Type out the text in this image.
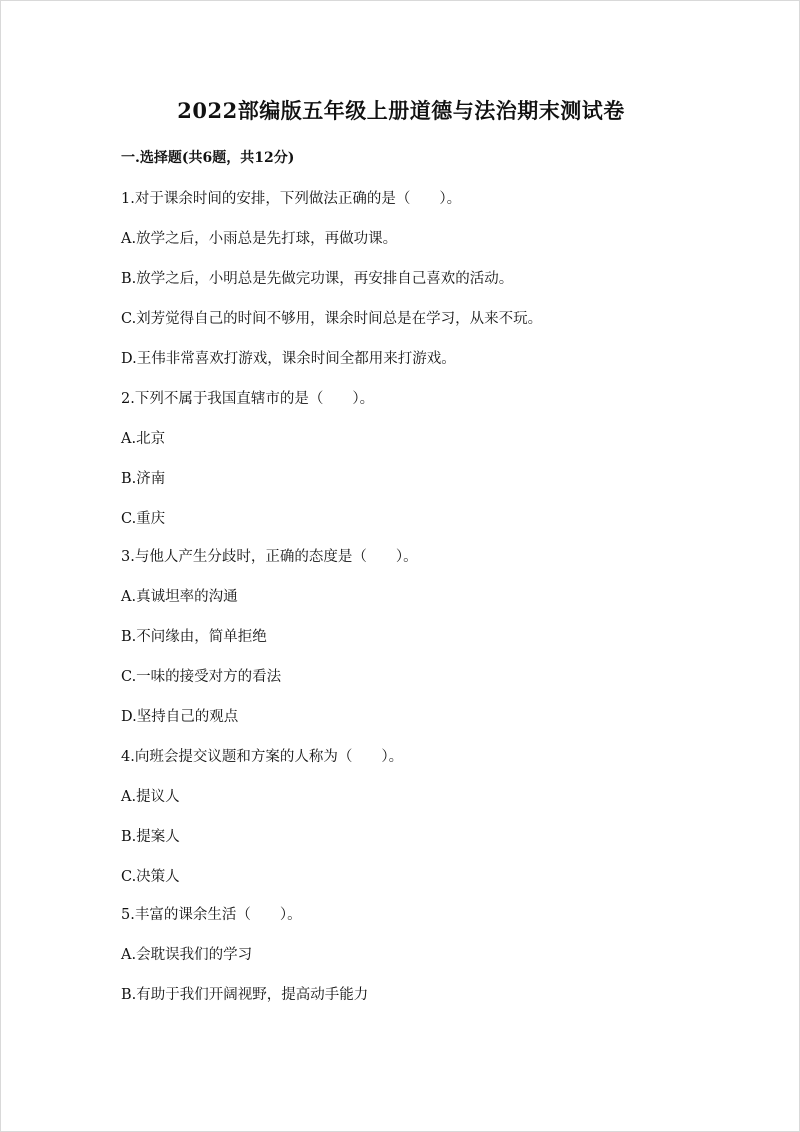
2022部编版五年级上册道德与法治期末测试卷
一.选择题(共6题，共12分)
1.对于课余时间的安排，下列做法正确的是（　　）。
A.放学之后，小雨总是先打球，再做功课。
B.放学之后，小明总是先做完功课，再安排自己喜欢的活动。
C.刘芳觉得自己的时间不够用，课余时间总是在学习，从来不玩。
D.王伟非常喜欢打游戏，课余时间全都用来打游戏。
2.下列不属于我国直辖市的是（　　）。
A.北京
B.济南
C.重庆
3.与他人产生分歧时，正确的态度是（　　）。
A.真诚坦率的沟通
B.不问缘由，简单拒绝
C.一味的接受对方的看法
D.坚持自己的观点
4.向班会提交议题和方案的人称为（　　）。
A.提议人
B.提案人
C.决策人
5.丰富的课余生活（　　）。
A.会耽误我们的学习
B.有助于我们开阔视野，提高动手能力
